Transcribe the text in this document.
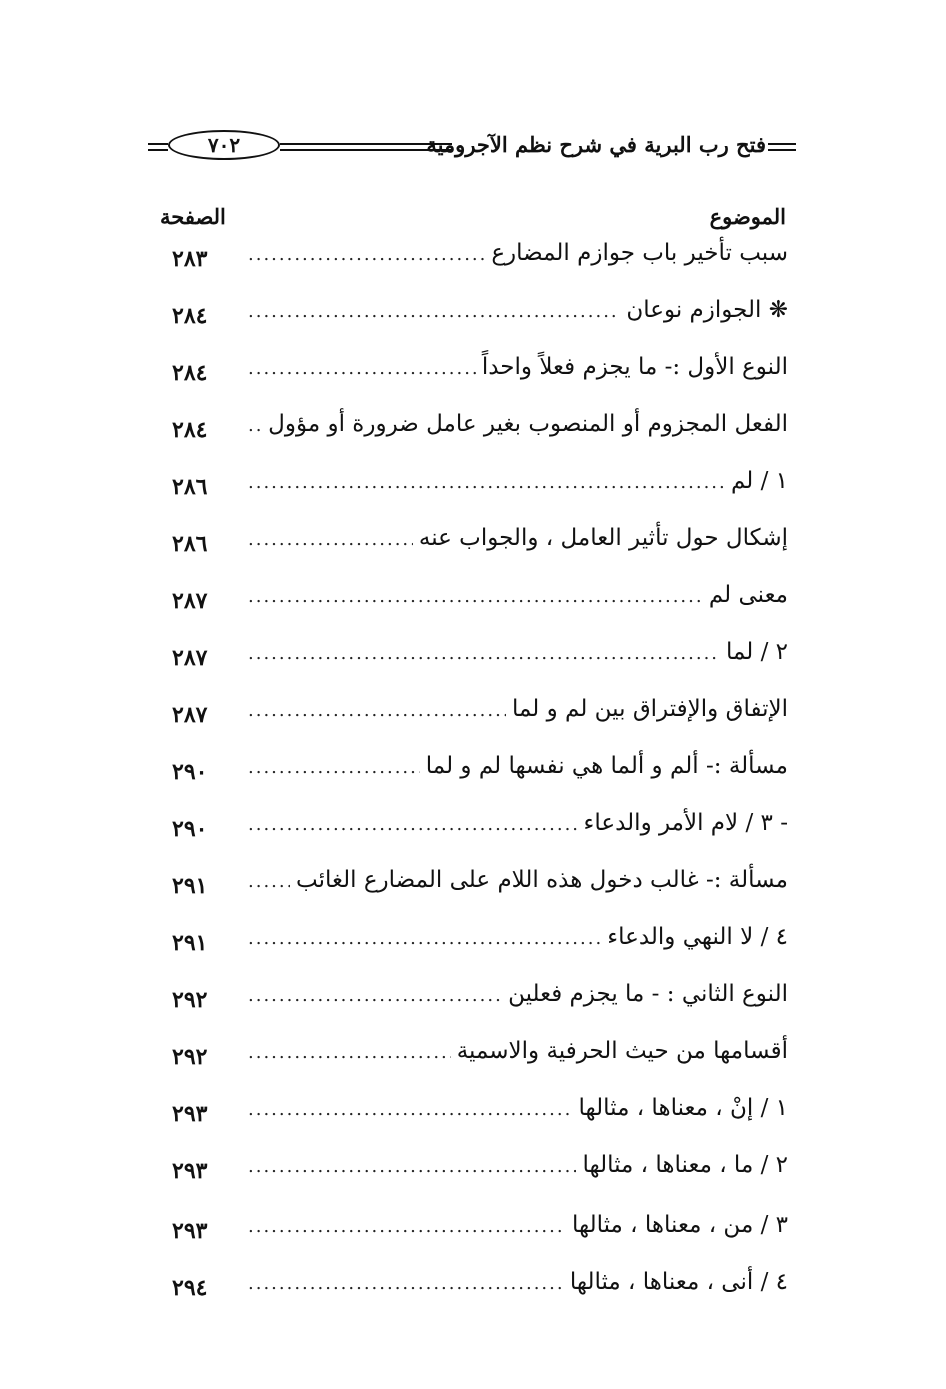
٧٠٢	فتح رب البرية في شرح نظم الآجرومية
الموضوع
الصفحة
سبب تأخير باب جوازم المضارع
.....
٢٨٣
❋ الجوازم نوعان
.....
٢٨٤
النوع الأول :- ما يجزم فعلاً واحداً
.....
٢٨٤
الفعل المجزوم أو المنصوب بغير عامل ضرورة أو مؤول
.....
٢٨٤
١ / لم
.....
٢٨٦
إشكال حول تأثير العامل ، والجواب عنه
.....
٢٨٦
معنى لم
.....
٢٨٧
٢ / لما
.....
٢٨٧
الإتفاق والإفتراق بين لم و لما
.....
٢٨٧
مسألة :- ألم و ألما هي نفسها لم و لما
.....
٢٩٠
- ٣ / لام الأمر والدعاء
.....
٢٩٠
مسألة :- غالب دخول هذه اللام على المضارع الغائب
.....
٢٩١
٤ / لا النهي والدعاء
.....
٢٩١
النوع الثاني : - ما يجزم فعلين
.....
٢٩٢
أقسامها من حيث الحرفية والاسمية
.....
٢٩٢
١ / إنْ ، معناها ، مثالها
.....
٢٩٣
٢ / ما ، معناها ، مثالها
.....
٢٩٣
٣ / من ، معناها ، مثالها
.....
٢٩٣
٤ / أنى ، معناها ، مثالها
.....
٢٩٤
